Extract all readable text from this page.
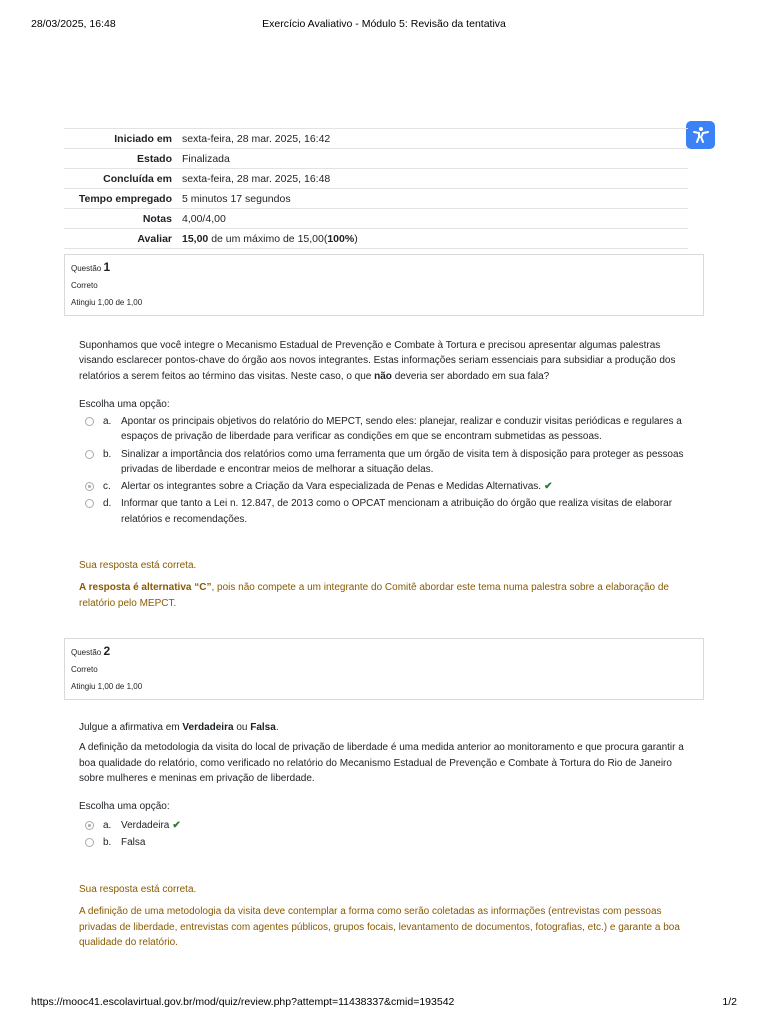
28/03/2025, 16:48	Exercício Avaliativo - Módulo 5: Revisão da tentativa
Iniciado em	sexta-feira, 28 mar. 2025, 16:42
Estado	Finalizada
Concluída em	sexta-feira, 28 mar. 2025, 16:48
Tempo empregado	5 minutos 17 segundos
Notas	4,00/4,00
Avaliar	15,00 de um máximo de 15,00(100%)
Questão 1
Correto
Atingiu 1,00 de 1,00

Suponhamos que você integre o Mecanismo Estadual de Prevenção e Combate à Tortura e precisou apresentar algumas palestras visando esclarecer pontos-chave do órgão aos novos integrantes. Estas informações seriam essenciais para subsidiar a produção dos relatórios a serem feitos ao término das visitas. Neste caso, o que não deveria ser abordado em sua fala?

Escolha uma opção:
a. Apontar os principais objetivos do relatório do MEPCT, sendo eles: planejar, realizar e conduzir visitas periódicas e regulares a espaços de privação de liberdade para verificar as condições em que se encontram submetidas as pessoas.
b. Sinalizar a importância dos relatórios como uma ferramenta que um órgão de visita tem à disposição para proteger as pessoas privadas de liberdade e encontrar meios de melhorar a situação delas.
c.	Alertar os integrantes sobre a Criação da Vara especializada de Penas e Medidas Alternativas. ✔
d. Informar que tanto a Lei n. 12.847, de 2013 como o OPCAT mencionam a atribuição do órgão que realiza visitas de elaborar relatórios e recomendações.

Sua resposta está correta.

A resposta é alternativa “C”, pois não compete a um integrante do Comitê abordar este tema numa palestra sobre a elaboração de relatório pelo MEPCT.

Questão 2
Correto
Atingiu 1,00 de 1,00

Julgue a afirmativa em Verdadeira ou Falsa.

A definição da metodologia da visita do local de privação de liberdade é uma medida anterior ao monitoramento e que procura garantir a boa qualidade do relatório, como verificado no relatório do Mecanismo Estadual de Prevenção e Combate à Tortura do Rio de Janeiro sobre mulheres e meninas em privação de liberdade.

Escolha uma opção:
a. Verdadeira ✔
b. Falsa

Sua resposta está correta.

A definição de uma metodologia da visita deve contemplar a forma como serão coletadas as informações (entrevistas com pessoas privadas de liberdade, entrevistas com agentes públicos, grupos focais, levantamento de documentos, fotografias, etc.) e garante a boa qualidade do relatório.

https://mooc41.escolavirtual.gov.br/mod/quiz/review.php?attempt=11438337&cmid=193542	1/2
